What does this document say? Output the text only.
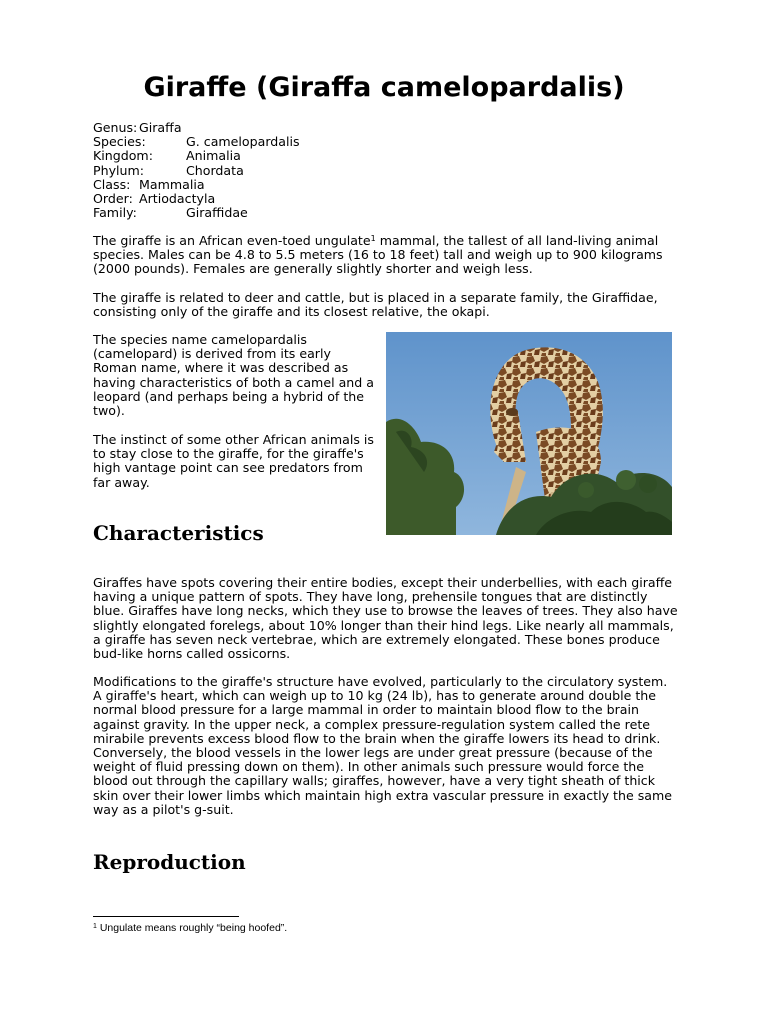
Giraffe (Giraffa camelopardalis)
Genus: Giraffa
Species:	G. camelopardalis
Kingdom:	Animalia
Phylum:	Chordata
Class: Mammalia
Order: Artiodactyla
Family:	Giraffidae

The giraffe is an African even-toed ungulate$^1$ mammal, the tallest of all land-living animal species. Males can be 4.8 to 5.5 meters (16 to 18 feet) tall and weigh up to 900 kilograms (2000 pounds). Females are generally slightly shorter and weigh less.

The giraffe is related to deer and cattle, but is placed in a separate family, the Giraffidae, consisting only of the giraffe and its closest relative, the okapi.

The species name camelopardalis (camelopard) is derived from its early Roman name, where it was described as having characteristics of both a camel and a leopard (and perhaps being a hybrid of the two).

The instinct of some other African animals is to stay close to the giraffe, for the giraffe's high vantage point can see predators from far away.

Characteristics

Giraffes have spots covering their entire bodies, except their underbellies, with each giraffe having a unique pattern of spots. They have long, prehensile tongues that are distinctly blue. Giraffes have long necks, which they use to browse the leaves of trees. They also have slightly elongated forelegs, about 10% longer than their hind legs. Like nearly all mammals, a giraffe has seven neck vertebrae, which are extremely elongated. These bones produce bud-like horns called ossicorns.

Modifications to the giraffe's structure have evolved, particularly to the circulatory system. A giraffe's heart, which can weigh up to 10 kg (24 lb), has to generate around double the normal blood pressure for a large mammal in order to maintain blood flow to the brain against gravity. In the upper neck, a complex pressure-regulation system called the rete mirabile prevents excess blood flow to the brain when the giraffe lowers its head to drink. Conversely, the blood vessels in the lower legs are under great pressure (because of the weight of fluid pressing down on them). In other animals such pressure would force the blood out through the capillary walls; giraffes, however, have a very tight sheath of thick skin over their lower limbs which maintain high extra vascular pressure in exactly the same way as a pilot's g-suit.

Reproduction
$^1$ Ungulate means roughly “being hoofed”.
